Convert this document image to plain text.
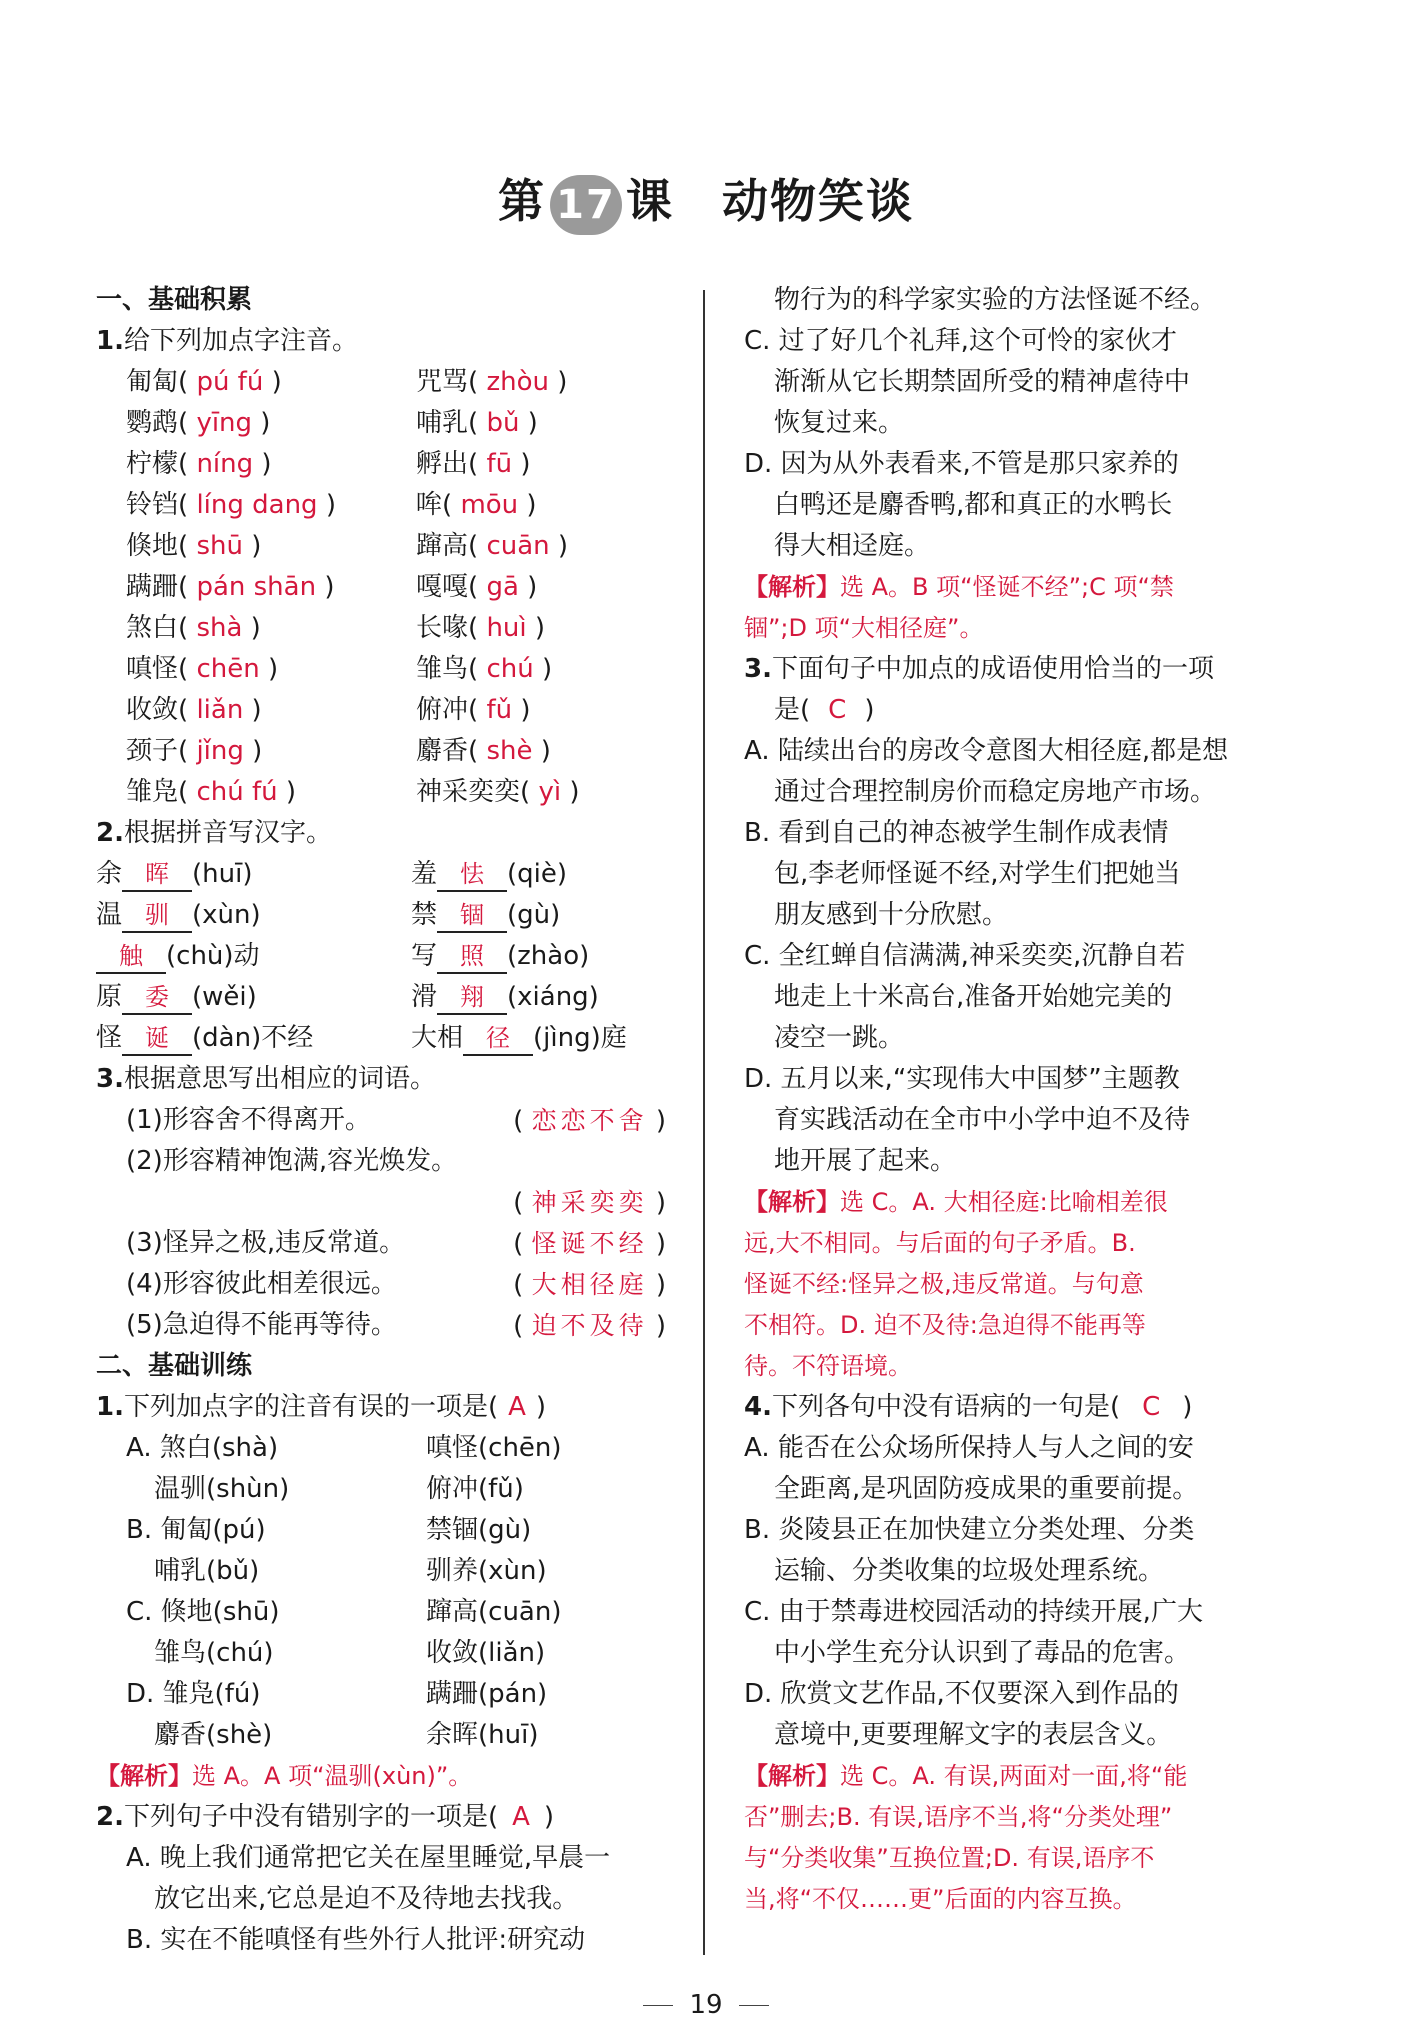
第 17 课 动物笑谈
一、基础积累
1.给下列加点字注音。
匍匐( pú fú )	咒骂( zhòu )
鹦鹉( yīng )	哺乳( bǔ )
柠檬( níng )	孵出( fū )
铃铛( líng dang )	哞( mōu )
倏地( shū )	蹿高( cuān )
蹒跚( pán shān )	嘎嘎( gā )
煞白( shà )	长喙( huì )
嗔怪( chēn )	雏鸟( chú )
收敛( liǎn )	俯冲( fǔ )
颈子( jǐng )	麝香( shè )
雏凫( chú fú )	神采奕奕( yì )
2.根据拼音写汉字。
余 晖 (huī)	羞 怯 (qiè)
温 驯 (xùn)	禁 锢 (gù)
触 (chù)动	写 照 (zhào)
原 委 (wěi)	滑 翔 (xiáng)
怪 诞 (dàn)不经	大相 径 (jìng)庭
3.根据意思写出相应的词语。
(1)形容舍不得离开。	( 恋恋不舍 )
(2)形容精神饱满,容光焕发。
( 神采奕奕 )
(3)怪异之极,违反常道。	( 怪诞不经 )
(4)形容彼此相差很远。	( 大相径庭 )
(5)急迫得不能再等待。	( 迫不及待 )
二、基础训练
1.下列加点字的注音有误的一项是( A )
A. 煞白(shà)	嗔怪(chēn)
温驯(shùn)	俯冲(fǔ)
B. 匍匐(pú)	禁锢(gù)
哺乳(bǔ)	驯养(xùn)
C. 倏地(shū)	蹿高(cuān)
雏鸟(chú)	收敛(liǎn)
D. 雏凫(fú)	蹒跚(pán)
麝香(shè)	余晖(huī)
【解析】选 A。A 项“温驯(xùn)”。
2.下列句子中没有错别字的一项是( A )
A. 晚上我们通常把它关在屋里睡觉,早晨一
放它出来,它总是迫不及待地去找我。
B. 实在不能嗔怪有些外行人批评:研究动
物行为的科学家实验的方法怪诞不经。
C. 过了好几个礼拜,这个可怜的家伙才
渐渐从它长期禁固所受的精神虐待中
恢复过来。
D. 因为从外表看来,不管是那只家养的
白鸭还是麝香鸭,都和真正的水鸭长
得大相迳庭。
【解析】选 A。B 项“怪诞不经”;C 项“禁
锢”;D 项“大相径庭”。
3.下面句子中加点的成语使用恰当的一项
是( C )
A. 陆续出台的房改令意图大相径庭,都是想
通过合理控制房价而稳定房地产市场。
B. 看到自己的神态被学生制作成表情
包,李老师怪诞不经,对学生们把她当
朋友感到十分欣慰。
C. 全红蝉自信满满,神采奕奕,沉静自若
地走上十米高台,准备开始她完美的
凌空一跳。
D. 五月以来,“实现伟大中国梦”主题教
育实践活动在全市中小学中迫不及待
地开展了起来。
【解析】选 C。A. 大相径庭:比喻相差很
远,大不相同。与后面的句子矛盾。B.
怪诞不经:怪异之极,违反常道。与句意
不相符。D. 迫不及待:急迫得不能再等
待。不符语境。
4.下列各句中没有语病的一句是( C )
A. 能否在公众场所保持人与人之间的安
全距离,是巩固防疫成果的重要前提。
B. 炎陵县正在加快建立分类处理、分类
运输、分类收集的垃圾处理系统。
C. 由于禁毒进校园活动的持续开展,广大
中小学生充分认识到了毒品的危害。
D. 欣赏文艺作品,不仅要深入到作品的
意境中,更要理解文字的表层含义。
【解析】选 C。A. 有误,两面对一面,将“能
否”删去;B. 有误,语序不当,将“分类处理”
与“分类收集”互换位置;D. 有误,语序不
当,将“不仅……更”后面的内容互换。
19
